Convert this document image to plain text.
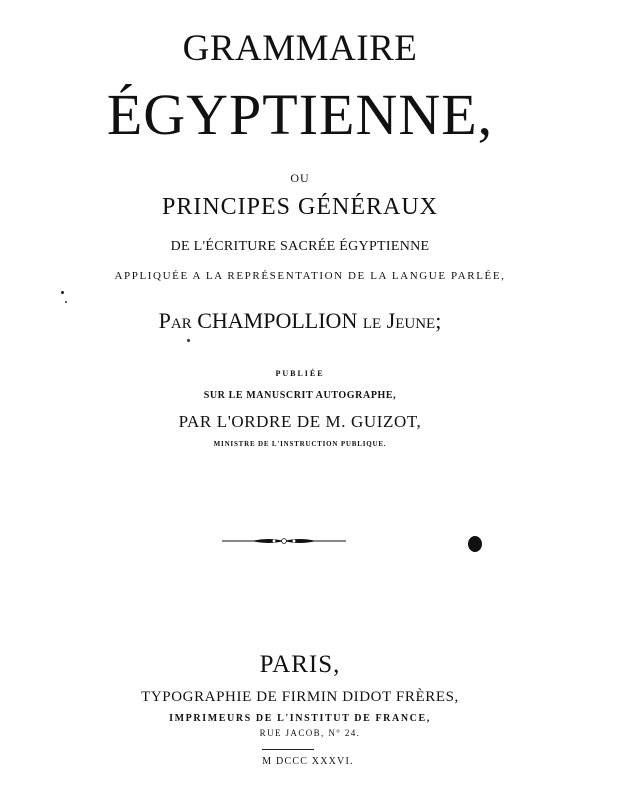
GRAMMAIRE
ÉGYPTIENNE,
OU
PRINCIPES GÉNÉRAUX
DE L'ÉCRITURE SACRÉE ÉGYPTIENNE
APPLIQUÉE A LA REPRÉSENTATION DE LA LANGUE PARLÉE,
Par CHAMPOLLION le Jeune;
PUBLIÉE
SUR LE MANUSCRIT AUTOGRAPHE,
PAR L'ORDRE DE M. GUIZOT,
MINISTRE DE L'INSTRUCTION PUBLIQUE.
PARIS,
TYPOGRAPHIE DE FIRMIN DIDOT FRÈRES,
IMPRIMEURS DE L'INSTITUT DE FRANCE,
RUE JACOB, N° 24.
M DCCC XXXVI.
